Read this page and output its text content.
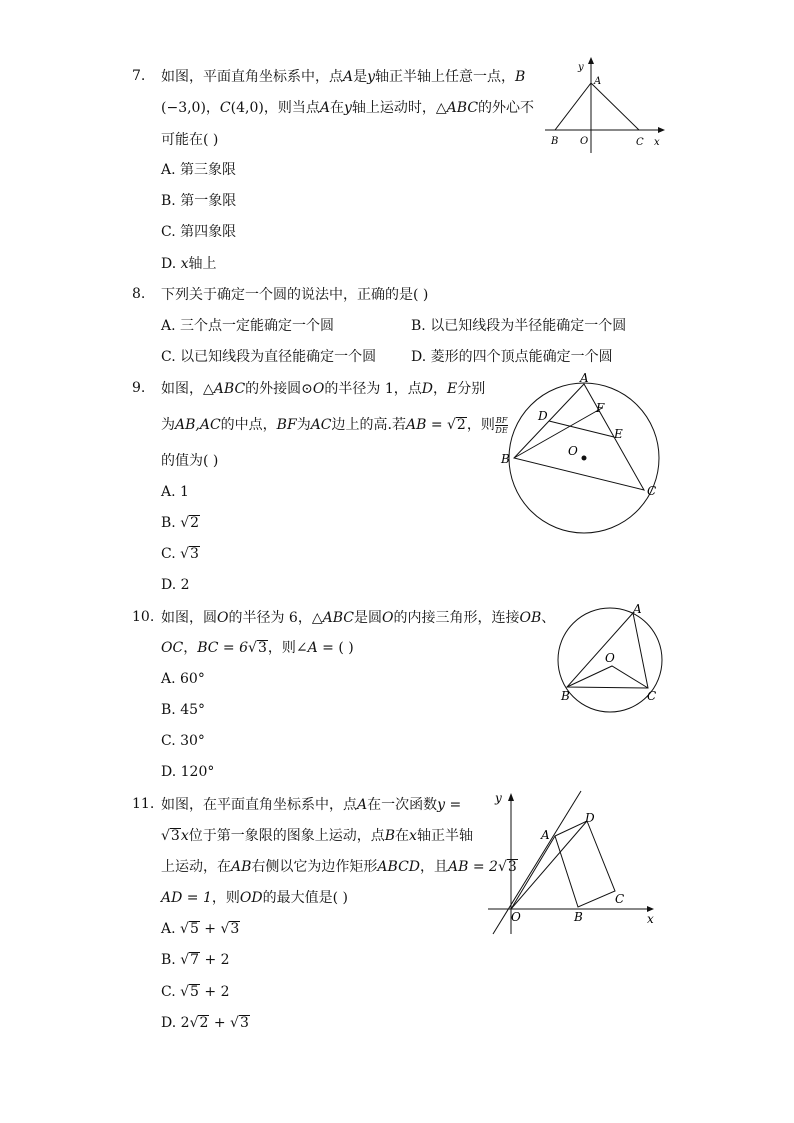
7.	如图，平面直角坐标系中，点A是y轴正半轴上任意一点，B
(−3,0)，C(4,0)，则当点A在y轴上运动时，△ABC的外心不
可能在( )
A. 第三象限
B. 第一象限
C. 第四象限
D. x轴上
y
A
B O	C x
8.	下列关于确定一个圆的说法中，正确的是( )
A. 三个点一定能确定一个圆	B. 以已知线段为半径能确定一个圆
C. 以已知线段为直径能确定一个圆 D. 菱形的四个顶点能确定一个圆
9.	如图，△ABC的外接圆⊙O的半径为 1，点D，E分别
为AB,AC的中点，BF为AC边上的高.若AB = √2，则 $\frac{BF}{DE}$
的值为( )
A. 1
B. √2
C. √3
D. 2
A
B
C
D
E
F
O
10. 如图，圆O的半径为 6，△ABC是圆O的内接三角形，连接OB、
OC，BC = 6√3，则∠A = ( )
A. 60°
B. 45°
C. 30°
D. 120°
A
B	C
O
11. 如图，在平面直角坐标系中，点A在一次函数y =
√3x位于第一象限的图象上运动，点B在x轴正半轴
上运动，在AB右侧以它为边作矩形ABCD，且AB = 2√3
AD = 1，则OD的最大值是( )
A. √5 + √3
B. √7 + 2
C. √5 + 2
D. 2√2 + √3
y
A
D
C
B
O	x
